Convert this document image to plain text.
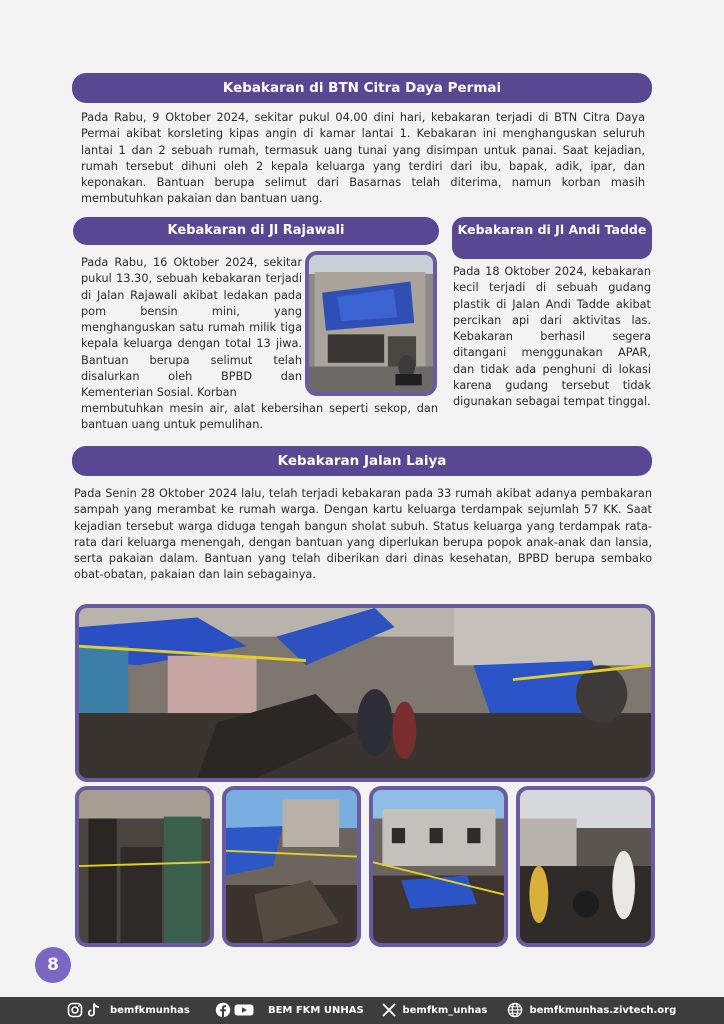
Kebakaran di BTN Citra Daya Permai

Pada Rabu, 9 Oktober 2024, sekitar pukul 04.00 dini hari, kebakaran terjadi di BTN Citra Daya Permai akibat korsleting kipas angin di kamar lantai 1. Kebakaran ini menghanguskan seluruh lantai 1 dan 2 sebuah rumah, termasuk uang tunai yang disimpan untuk panai. Saat kejadian, rumah tersebut dihuni oleh 2 kepala keluarga yang terdiri dari ibu, bapak, adik, ipar, dan keponakan. Bantuan berupa selimut dari Basarnas telah diterima, namun korban masih membutuhkan pakaian dan bantuan uang.

Kebakaran di Jl Rajawali

Pada Rabu, 16 Oktober 2024, sekitar pukul 13.30, sebuah kebakaran terjadi di Jalan Rajawali akibat ledakan pada pom bensin mini, yang menghanguskan satu rumah milik tiga kepala keluarga dengan total 13 jiwa. Bantuan berupa selimut telah disalurkan oleh BPBD dan Kementerian Sosial. Korban

membutuhkan mesin air, alat kebersihan seperti sekop, dan bantuan uang untuk pemulihan.

Kebakaran di Jl Andi Tadde

Pada 18 Oktober 2024, kebakaran kecil terjadi di sebuah gudang plastik di Jalan Andi Tadde akibat percikan api dari aktivitas las. Kebakaran berhasil segera ditangani menggunakan APAR, dan tidak ada penghuni di lokasi karena gudang tersebut tidak digunakan sebagai tempat tinggal.

Kebakaran Jalan Laiya

Pada Senin 28 Oktober 2024 lalu, telah terjadi kebakaran pada 33 rumah akibat adanya pembakaran sampah yang merambat ke rumah warga. Dengan kartu keluarga terdampak sejumlah 57 KK. Saat kejadian tersebut warga diduga tengah bangun sholat subuh. Status keluarga yang terdampak rata-rata dari keluarga menengah, dengan bantuan yang diperlukan berupa popok anak-anak dan lansia, serta pakaian dalam. Bantuan yang telah diberikan dari dinas kesehatan, BPBD berupa sembako obat-obatan, pakaian dan lain sebagainya.

8
bemfkmunhas	BEM FKM UNHAS	bemfkm_unhas	bemfkmunhas.zivtech.org
